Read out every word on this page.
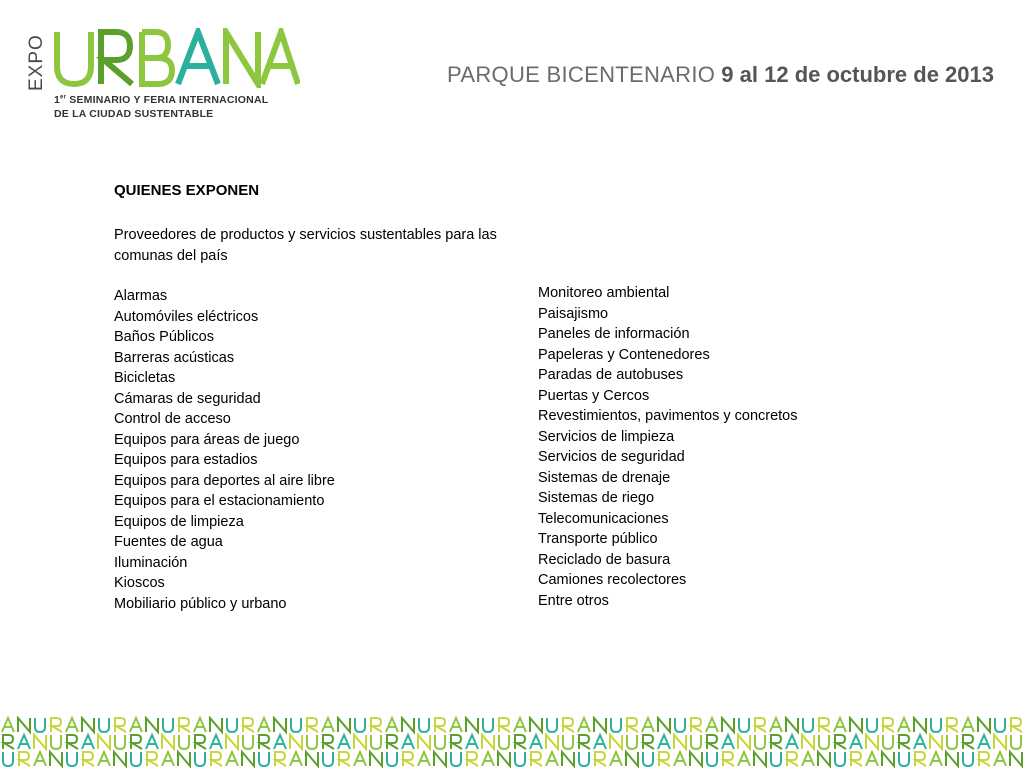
EXPO
1er SEMINARIO Y FERIA INTERNACIONAL
DE LA CIUDAD SUSTENTABLE
PARQUE BICENTENARIO 9 al 12 de octubre de 2013
QUIENES EXPONEN
Proveedores de productos y servicios sustentables para las comunas del país
Alarmas
Automóviles eléctricos
Baños Públicos
Barreras acústicas
Bicicletas
Cámaras de seguridad
Control de acceso
Equipos para áreas de juego
Equipos para estadios
Equipos para deportes al aire libre
Equipos para el estacionamiento
Equipos de limpieza
Fuentes de agua
Iluminación
Kioscos
Mobiliario público y urbano
Monitoreo ambiental
Paisajismo
Paneles de información
Papeleras y Contenedores
Paradas de autobuses
Puertas y Cercos
Revestimientos, pavimentos y concretos
Servicios de limpieza
Servicios de seguridad
Sistemas de drenaje
Sistemas de riego
Telecomunicaciones
Transporte público
Reciclado de basura
Camiones recolectores
Entre otros
